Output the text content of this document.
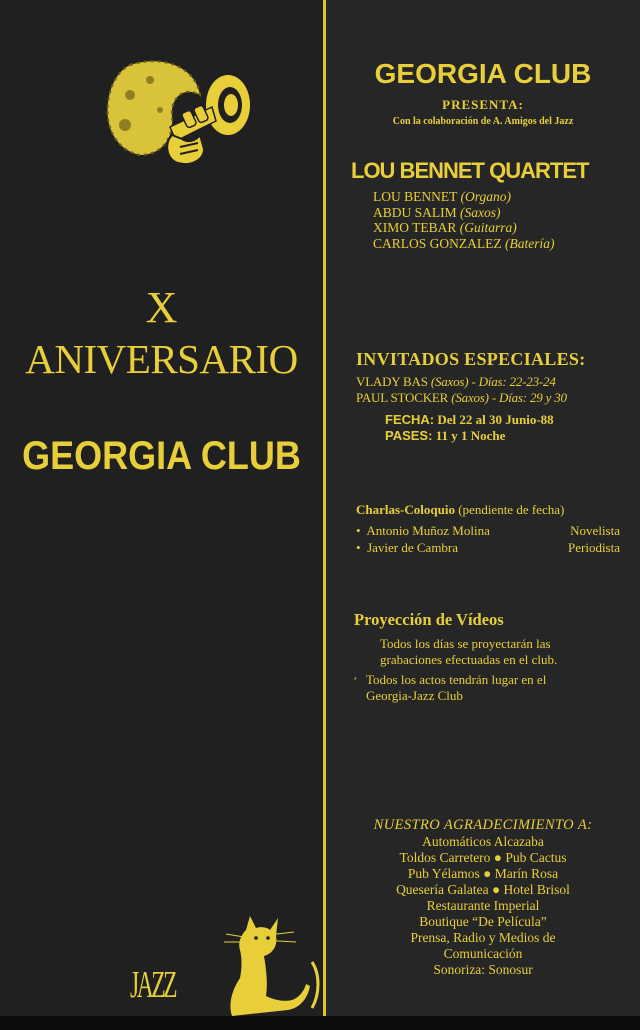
X
ANIVERSARIO
GEORGIA CLUB
JAZZ
GEORGIA CLUB
PRESENTA:
Con la colaboración de A. Amigos del Jazz
LOU BENNET QUARTET
LOU BENNET (Organo)
ABDU SALIM (Saxos)
XIMO TEBAR (Guitarra)
CARLOS GONZALEZ (Batería)
INVITADOS ESPECIALES:
VLADY BAS (Saxos) - Días: 22-23-24
PAUL STOCKER (Saxos) - Días: 29 y 30
FECHA: Del 22 al 30 Junio-88
PASES: 11 y 1 Noche
Charlas-Coloquio (pendiente de fecha)
• Antonio Muñoz Molina	Novelista
• Javier de Cambra	Periodista
Proyección de Vídeos
Todos los días se proyectarán las
grabaciones efectuadas en el club.
ª Todos los actos tendrán lugar en el
Georgia-Jazz Club
NUESTRO AGRADECIMIENTO A:
Automáticos Alcazaba
Toldos Carretero ● Pub Cactus
Pub Yélamos ● Marín Rosa
Quesería Galatea ● Hotel Brisol
Restaurante Imperial
Boutique “De Película”
Prensa, Radio y Medios de
Comunicación
Sonoriza: Sonosur
